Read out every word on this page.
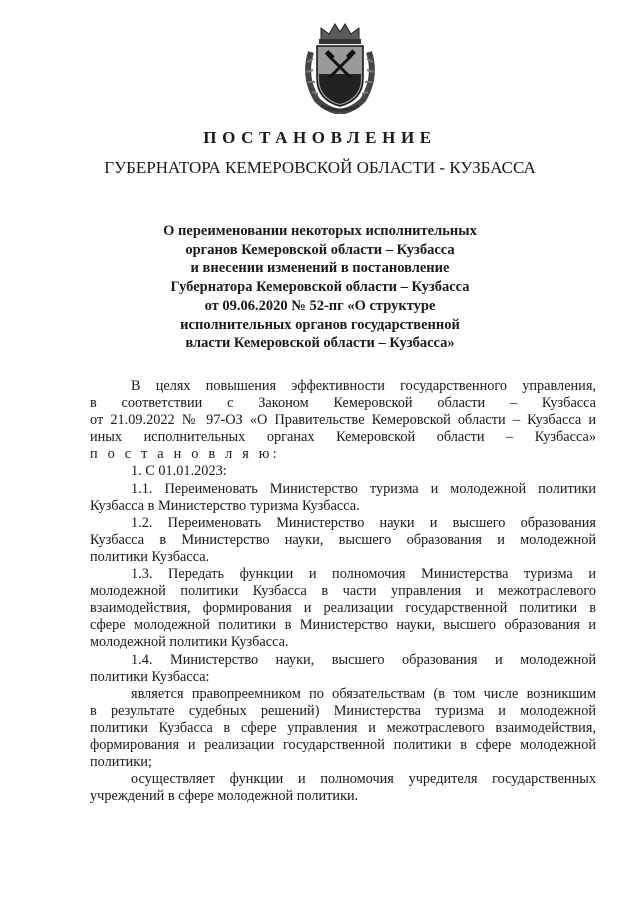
ПОСТАНОВЛЕНИЕ
ГУБЕРНАТОРА КЕМЕРОВСКОЙ ОБЛАСТИ - КУЗБАССА
О переименовании некоторых исполнительных
органов Кемеровской области – Кузбасса
и внесении изменений в постановление
Губернатора Кемеровской области – Кузбасса
от 09.06.2020 № 52-пг «О структуре
исполнительных органов государственной
власти Кемеровской области – Кузбасса»
В целях повышения эффективности государственного управления,
в соответствии с Законом Кемеровской области – Кузбасса
от 21.09.2022 № 97-ОЗ «О Правительстве Кемеровской области – Кузбасса и
иных исполнительных органах Кемеровской области – Кузбасса»
п о с т а н о в л я ю:
1. С 01.01.2023:
1.1. Переименовать Министерство туризма и молодежной политики
Кузбасса в Министерство туризма Кузбасса.
1.2. Переименовать Министерство науки и высшего образования
Кузбасса в Министерство науки, высшего образования и молодежной
политики Кузбасса.
1.3. Передать функции и полномочия Министерства туризма и
молодежной политики Кузбасса в части управления и межотраслевого
взаимодействия, формирования и реализации государственной политики в
сфере молодежной политики в Министерство науки, высшего образования и
молодежной политики Кузбасса.
1.4. Министерство науки, высшего образования и молодежной
политики Кузбасса:
является правопреемником по обязательствам (в том числе возникшим
в результате судебных решений) Министерства туризма и молодежной
политики Кузбасса в сфере управления и межотраслевого взаимодействия,
формирования и реализации государственной политики в сфере молодежной
политики;
осуществляет функции и полномочия учредителя государственных
учреждений в сфере молодежной политики.
